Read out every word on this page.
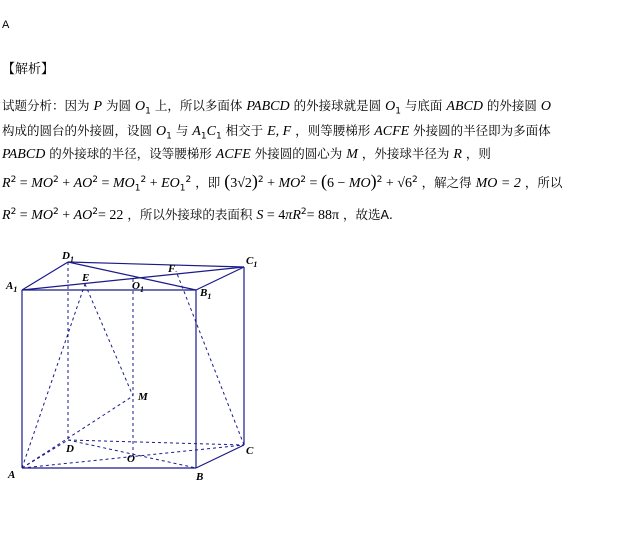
A
【解析】
试题分析：因为 P 为圆 $O_1$ 上，所以多面体 PABCD 的外接球就是圆 $O_1$ 与底面 ABCD 的外接圆 O
构成的圆台的外接圆，设圆 $O_1$ 与 $A_1C_1$ 相交于 E, F ，则等腰梯形 ACFE 外接圆的半径即为多面体
PABCD 的外接球的半径，设等腰梯形 ACFE 外接圆的圆心为 M ，外接球半径为 R ，则
$R^2 = MO^2 + AO^2 = MO_1^2 + EO_1^2$ ，即 $(3√2)^2 + MO^2 = (6 - MO)^2 + √6^2$ ，解之得 MO = 2 ，所以
$R^2 = MO^2 + AO^2= 22$ ，所以外接球的表面积 $S = 4\pi R^2= 88\pi$ ，故选A.
$D_1$	$C_1$
$A_1$	$B_1$
$O_1$
E
F
M
D	C
A	B
O
